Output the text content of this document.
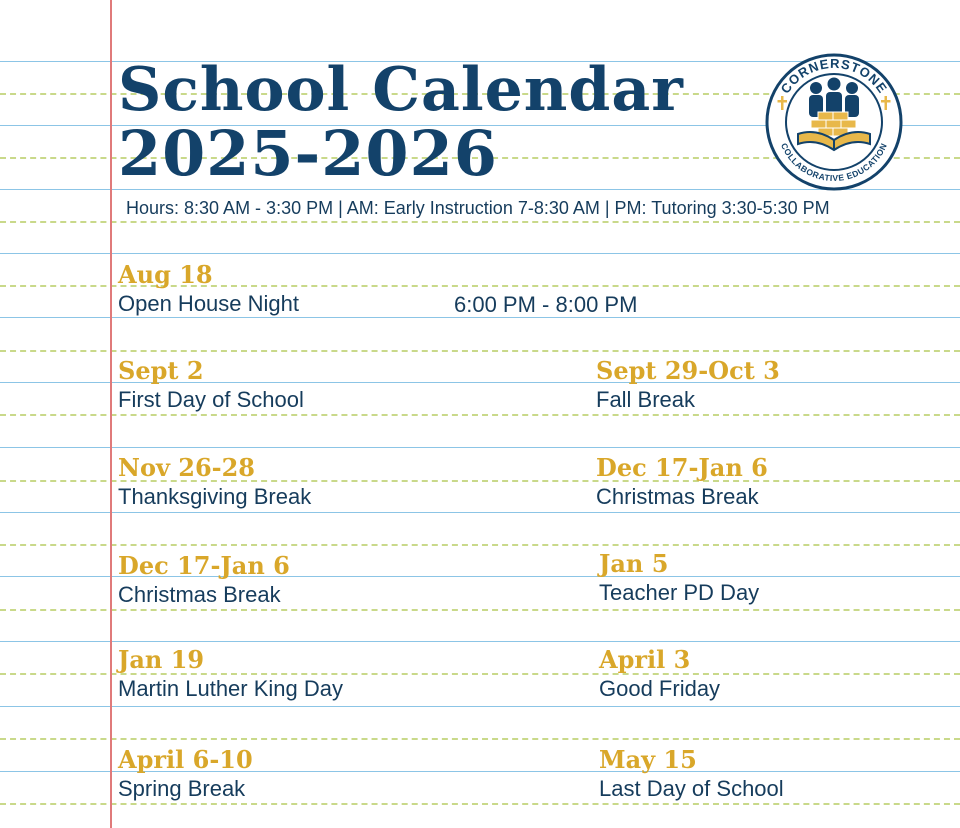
School Calendar
2025-2026
CORNERSTONE
COLLABORATIVE EDUCATION
Hours: 8:30 AM - 3:30 PM | AM: Early Instruction 7-8:30 AM | PM: Tutoring 3:30-5:30 PM
Aug 18
Open House Night	6:00 PM - 8:00 PM
Sept 2
First Day of School
Sept 29-Oct 3
Fall Break
Nov 26-28
Thanksgiving Break
Dec 17-Jan 6
Christmas Break
Dec 17-Jan 6
Christmas Break
Jan 5
Teacher PD Day
Jan 19
Martin Luther King Day
April 3
Good Friday
April 6-10
Spring Break
May 15
Last Day of School
